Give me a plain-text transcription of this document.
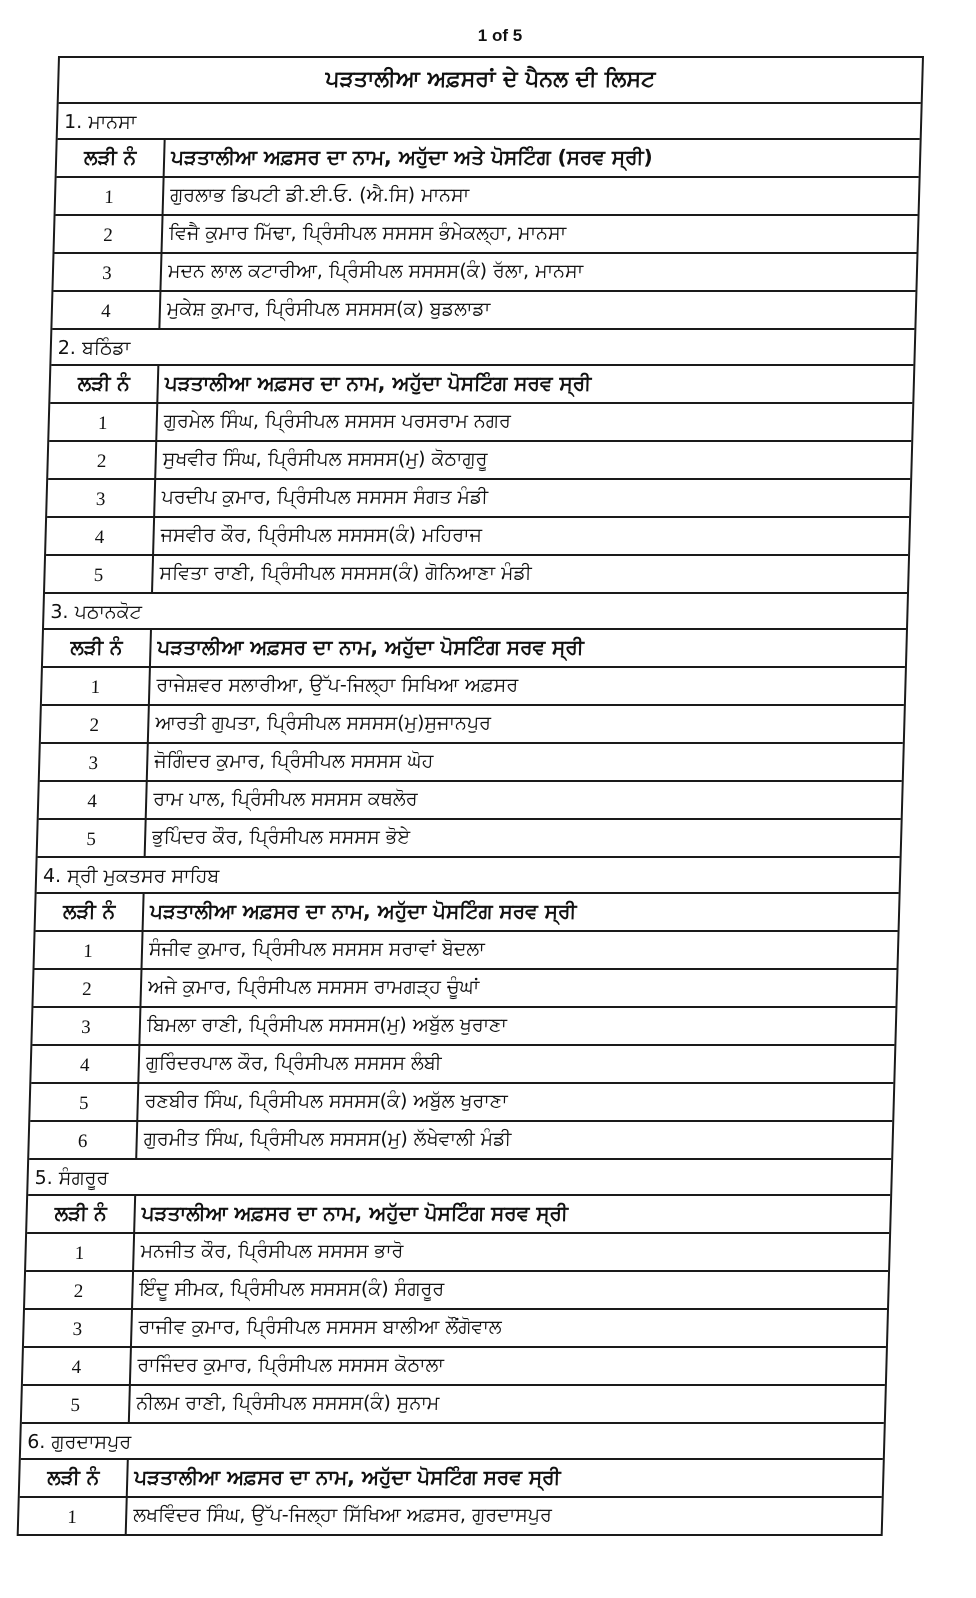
1 of 5
ਪੜਤਾਲੀਆ ਅਫ਼ਸਰਾਂ ਦੇ ਪੈਨਲ ਦੀ ਲਿਸਟ
1. ਮਾਨਸਾ
ਲੜੀ ਨੰ	ਪੜਤਾਲੀਆ ਅਫ਼ਸਰ ਦਾ ਨਾਮ, ਅਹੁੱਦਾ ਅਤੇ ਪੋਸਟਿੰਗ (ਸਰਵ ਸ੍ਰੀ)
1	ਗੁਰਲਾਭ ਡਿਪਟੀ ਡੀ.ਈ.ਓ. (ਐ.ਸਿ) ਮਾਨਸਾ
2	ਵਿਜੈ ਕੁਮਾਰ ਮਿੱਢਾ, ਪ੍ਰਿੰਸੀਪਲ ਸਸਸਸ ਭੰਮੇਕਲ੍ਹਾ, ਮਾਨਸਾ
3	ਮਦਨ ਲਾਲ ਕਟਾਰੀਆ, ਪ੍ਰਿੰਸੀਪਲ ਸਸਸਸ(ਕੰ) ਰੱਲਾ, ਮਾਨਸਾ
4	ਮੁਕੇਸ਼ ਕੁਮਾਰ, ਪ੍ਰਿੰਸੀਪਲ ਸਸਸਸ(ਕ) ਬੁਡਲਾਡਾ
2. ਬਠਿੰਡਾ
ਲੜੀ ਨੰ	ਪੜਤਾਲੀਆ ਅਫ਼ਸਰ ਦਾ ਨਾਮ, ਅਹੁੱਦਾ ਪੋਸਟਿੰਗ ਸਰਵ ਸ੍ਰੀ
1	ਗੁਰਮੇਲ ਸਿੰਘ, ਪ੍ਰਿੰਸੀਪਲ ਸਸਸਸ ਪਰਸਰਾਮ ਨਗਰ
2	ਸੁਖਵੀਰ ਸਿੰਘ, ਪ੍ਰਿੰਸੀਪਲ ਸਸਸਸ(ਮੁ) ਕੋਠਾਗੁਰੂ
3	ਪਰਦੀਪ ਕੁਮਾਰ, ਪ੍ਰਿੰਸੀਪਲ ਸਸਸਸ ਸੰਗਤ ਮੰਡੀ
4	ਜਸਵੀਰ ਕੌਰ, ਪ੍ਰਿੰਸੀਪਲ ਸਸਸਸ(ਕੰ) ਮਹਿਰਾਜ
5	ਸਵਿਤਾ ਰਾਣੀ, ਪ੍ਰਿੰਸੀਪਲ ਸਸਸਸ(ਕੰ) ਗੋਨਿਆਣਾ ਮੰਡੀ
3. ਪਠਾਨਕੋਟ
ਲੜੀ ਨੰ	ਪੜਤਾਲੀਆ ਅਫ਼ਸਰ ਦਾ ਨਾਮ, ਅਹੁੱਦਾ ਪੋਸਟਿੰਗ ਸਰਵ ਸ੍ਰੀ
1	ਰਾਜੇਸ਼ਵਰ ਸਲਾਰੀਆ, ਉੱਪ-ਜਿਲ੍ਹਾ ਸਿਖਿਆ ਅਫ਼ਸਰ
2	ਆਰਤੀ ਗੁਪਤਾ, ਪ੍ਰਿੰਸੀਪਲ ਸਸਸਸ(ਮੁ)ਸੁਜਾਨਪੁਰ
3	ਜੋਗਿੰਦਰ ਕੁਮਾਰ, ਪ੍ਰਿੰਸੀਪਲ ਸਸਸਸ ਘੋਹ
4	ਰਾਮ ਪਾਲ, ਪ੍ਰਿੰਸੀਪਲ ਸਸਸਸ ਕਥਲੋਰ
5	ਭੁਪਿੰਦਰ ਕੌਰ, ਪ੍ਰਿੰਸੀਪਲ ਸਸਸਸ ਭੋਏ
4. ਸ੍ਰੀ ਮੁਕਤਸਰ ਸਾਹਿਬ
ਲੜੀ ਨੰ	ਪੜਤਾਲੀਆ ਅਫ਼ਸਰ ਦਾ ਨਾਮ, ਅਹੁੱਦਾ ਪੋਸਟਿੰਗ ਸਰਵ ਸ੍ਰੀ
1	ਸੰਜੀਵ ਕੁਮਾਰ, ਪ੍ਰਿੰਸੀਪਲ ਸਸਸਸ ਸਰਾਵਾਂ ਬੋਦਲਾ
2	ਅਜੇ ਕੁਮਾਰ, ਪ੍ਰਿੰਸੀਪਲ ਸਸਸਸ ਰਾਮਗੜ੍ਹ ਚੂੰਘਾਂ
3	ਬਿਮਲਾ ਰਾਣੀ, ਪ੍ਰਿੰਸੀਪਲ ਸਸਸਸ(ਮੁ) ਅਬੁੱਲ ਖੁਰਾਣਾ
4	ਗੁਰਿੰਦਰਪਾਲ ਕੌਰ, ਪ੍ਰਿੰਸੀਪਲ ਸਸਸਸ ਲੰਬੀ
5	ਰਣਬੀਰ ਸਿੰਘ, ਪ੍ਰਿੰਸੀਪਲ ਸਸਸਸ(ਕੰ) ਅਬੁੱਲ ਖੁਰਾਣਾ
6	ਗੁਰਮੀਤ ਸਿੰਘ, ਪ੍ਰਿੰਸੀਪਲ ਸਸਸਸ(ਮੁ) ਲੱਖੇਵਾਲੀ ਮੰਡੀ
5. ਸੰਗਰੂਰ
ਲੜੀ ਨੰ	ਪੜਤਾਲੀਆ ਅਫ਼ਸਰ ਦਾ ਨਾਮ, ਅਹੁੱਦਾ ਪੋਸਟਿੰਗ ਸਰਵ ਸ੍ਰੀ
1	ਮਨਜੀਤ ਕੌਰ, ਪ੍ਰਿੰਸੀਪਲ ਸਸਸਸ ਭਾਰੋ
2	ਇੰਦੂ ਸੀਮਕ, ਪ੍ਰਿੰਸੀਪਲ ਸਸਸਸ(ਕੰ) ਸੰਗਰੂਰ
3	ਰਾਜੀਵ ਕੁਮਾਰ, ਪ੍ਰਿੰਸੀਪਲ ਸਸਸਸ ਬਾਲੀਆ ਲੌਂਗੋਵਾਲ
4	ਰਾਜਿੰਦਰ ਕੁਮਾਰ, ਪ੍ਰਿੰਸੀਪਲ ਸਸਸਸ ਕੋਠਾਲਾ
5	ਨੀਲਮ ਰਾਣੀ, ਪ੍ਰਿੰਸੀਪਲ ਸਸਸਸ(ਕੰ) ਸੁਨਾਮ
6. ਗੁਰਦਾਸਪੁਰ
ਲੜੀ ਨੰ	ਪੜਤਾਲੀਆ ਅਫ਼ਸਰ ਦਾ ਨਾਮ, ਅਹੁੱਦਾ ਪੋਸਟਿੰਗ ਸਰਵ ਸ੍ਰੀ
1	ਲਖਵਿੰਦਰ ਸਿੰਘ, ਉੱਪ-ਜਿਲ੍ਹਾ ਸਿੱਖਿਆ ਅਫ਼ਸਰ, ਗੁਰਦਾਸਪੁਰ
